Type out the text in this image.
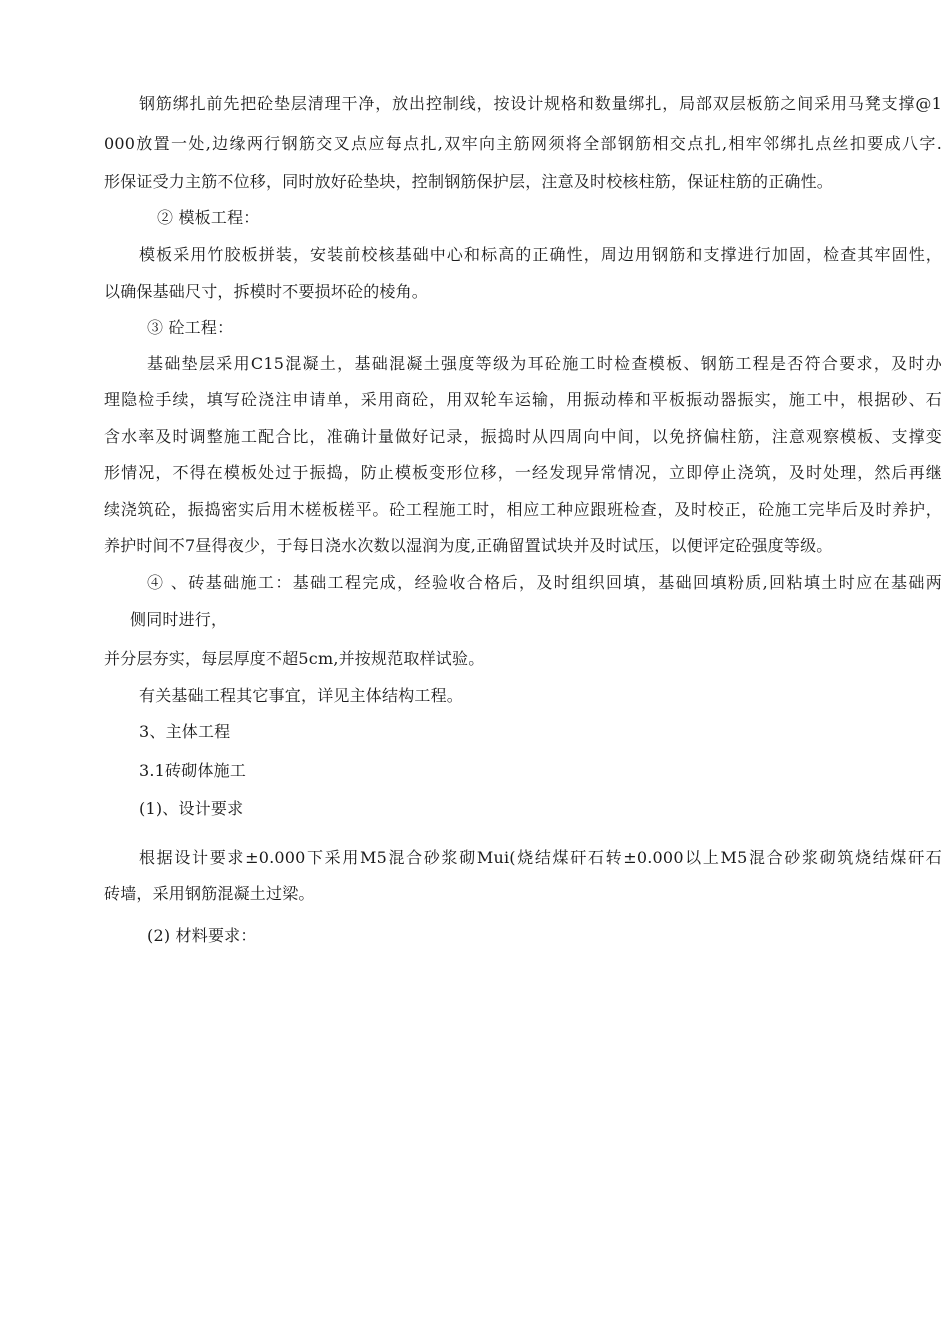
钢筋绑扎前先把砼垫层清理干净，放出控制线，按设计规格和数量绑扎，局部双层板筋之间采用马凳支撑@1
000放置一处,边缘两行钢筋交叉点应每点扎,双牢向主筋网须将全部钢筋相交点扎,相牢邻绑扎点丝扣要成八字.
形保证受力主筋不位移，同时放好砼垫块，控制钢筋保护层，注意及时校核柱筋，保证柱筋的正确性。
② 模板工程：
模板采用竹胶板拼装，安装前校核基础中心和标高的正确性，周边用钢筋和支撑进行加固，检查其牢固性，
以确保基础尺寸，拆模时不要损坏砼的棱角。
③ 砼工程：
基础垫层采用C15混凝土，基础混凝土强度等级为耳砼施工时检查模板、钢筋工程是否符合要求，及时办
理隐检手续，填写砼浇注申请单，采用商砼，用双轮车运输，用振动棒和平板振动器振实，施工中，根据砂、石
含水率及时调整施工配合比，准确计量做好记录，振捣时从四周向中间，以免挤偏柱筋，注意观察模板、支撑变
形情况，不得在模板处过于振捣，防止模板变形位移，一经发现异常情况，立即停止浇筑，及时处理，然后再继
续浇筑砼，振捣密实后用木槎板槎平。砼工程施工时，相应工种应跟班检查，及时校正，砼施工完毕后及时养护，
养护时间不7昼得夜少，于每日浇水次数以湿润为度,正确留置试块并及时试压，以便评定砼强度等级。
④ 、砖基础施工：基础工程完成，经验收合格后，及时组织回填，基础回填粉质,回粘填土时应在基础两
侧同时进行，
并分层夯实，每层厚度不超5cm,并按规范取样试验。
有关基础工程其它事宜，详见主体结构工程。
3、主体工程
3.1砖砌体施工
(1)、设计要求
根据设计要求±0.000下采用M5混合砂浆砌Mui(烧结煤矸石转±0.000以上M5混合砂浆砌筑烧结煤矸石
砖墙，采用钢筋混凝土过梁。
(2) 材料要求：
